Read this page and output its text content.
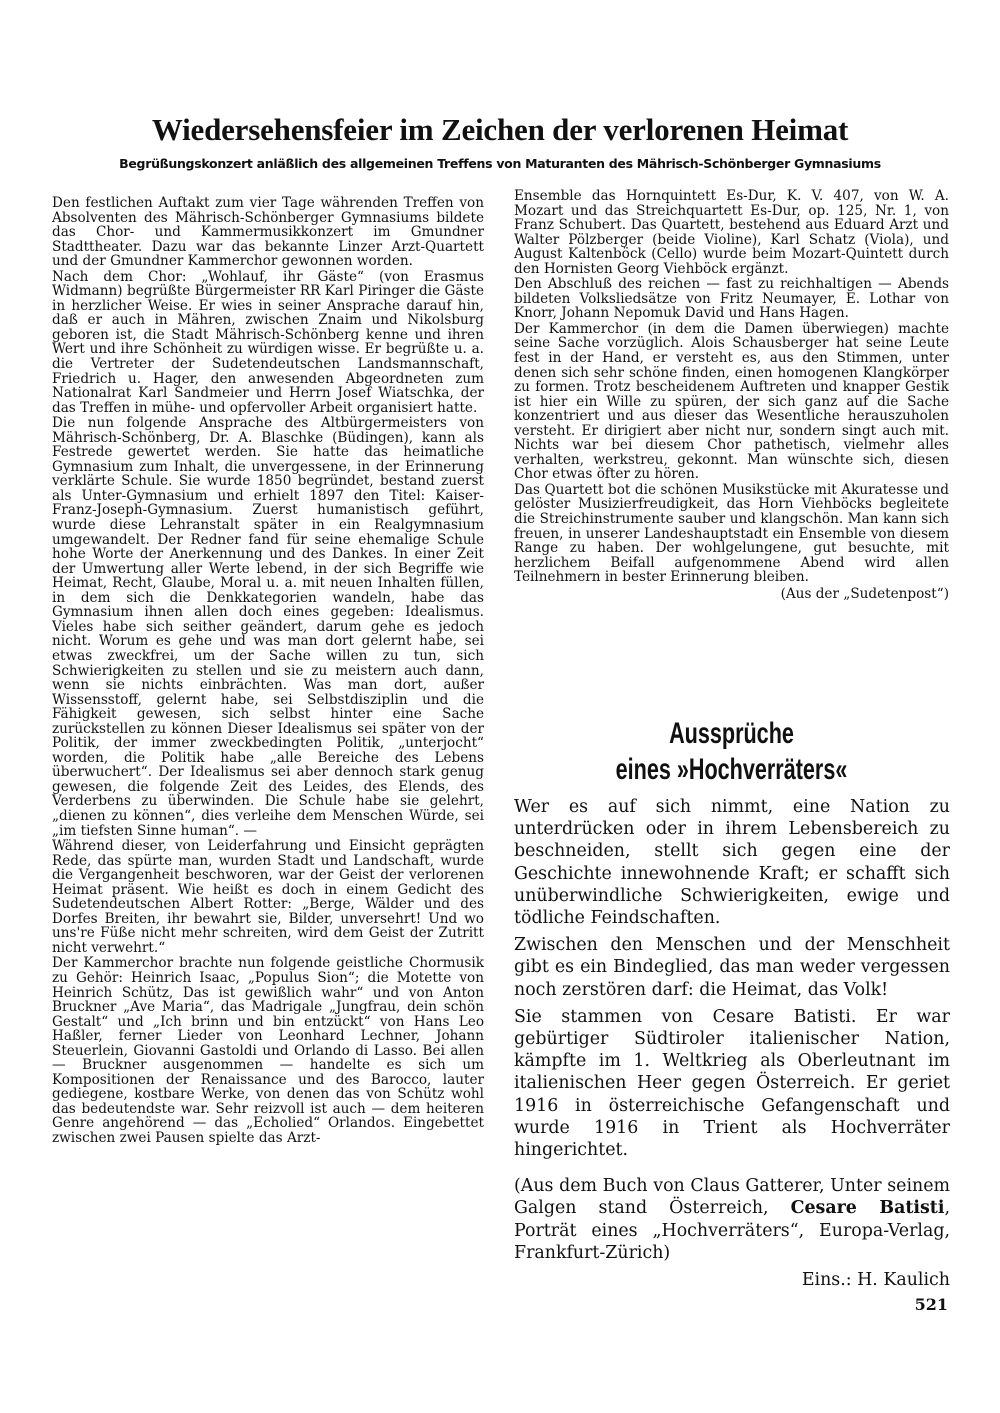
Wiedersehensfeier im Zeichen der verlorenen Heimat
Begrüßungskonzert anläßlich des allgemeinen Treffens von Maturanten des Mährisch-Schönberger Gymnasiums

Den festlichen Auftakt zum vier Tage währenden Treffen von Absolventen des Mährisch-Schönberger Gymnasiums bildete das Chor- und Kammermusikkonzert im Gmundner Stadttheater. Dazu war das bekannte Linzer Arzt-Quartett und der Gmundner Kammerchor gewonnen worden.

Nach dem Chor: „Wohlauf, ihr Gäste“ (von Erasmus Widmann) begrüßte Bürgermeister RR Karl Piringer die Gäste in herzlicher Weise. Er wies in seiner Ansprache darauf hin, daß er auch in Mähren, zwischen Znaim und Nikolsburg geboren ist, die Stadt Mährisch-Schönberg kenne und ihren Wert und ihre Schönheit zu würdigen wisse. Er begrüßte u. a. die Vertreter der Sudetendeutschen Landsmannschaft, Friedrich u. Hager, den anwesenden Abgeordneten zum Nationalrat Karl Sandmeier und Herrn Josef Wiatschka, der das Treffen in mühe- und opfervoller Arbeit organisiert hatte.

Die nun folgende Ansprache des Altbürgermeisters von Mährisch-Schönberg, Dr. A. Blaschke (Büdingen), kann als Festrede gewertet werden. Sie hatte das heimatliche Gymnasium zum Inhalt, die unvergessene, in der Erinnerung verklärte Schule. Sie wurde 1850 begründet, bestand zuerst als Unter-Gymnasium und erhielt 1897 den Titel: Kaiser-Franz-Joseph-Gymnasium. Zuerst humanistisch geführt, wurde diese Lehranstalt später in ein Realgymnasium umgewandelt. Der Redner fand für seine ehemalige Schule hohe Worte der Anerkennung und des Dankes. In einer Zeit der Umwertung aller Werte lebend, in der sich Begriffe wie Heimat, Recht, Glaube, Moral u. a. mit neuen Inhalten füllen, in dem sich die Denkkategorien wandeln, habe das Gymnasium ihnen allen doch eines gegeben: Idealismus. Vieles habe sich seither geändert, darum gehe es jedoch nicht. Worum es gehe und was man dort gelernt habe, sei etwas zweckfrei, um der Sache willen zu tun, sich Schwierigkeiten zu stellen und sie zu meistern auch dann, wenn sie nichts einbrächten. Was man dort, außer Wissensstoff, gelernt habe, sei Selbstdisziplin und die Fähigkeit gewesen, sich selbst hinter eine Sache zurückstellen zu können Dieser Idealismus sei später von der Politik, der immer zweckbedingten Politik, „unterjocht“ worden, die Politik habe „alle Bereiche des Lebens überwuchert“. Der Idealismus sei aber dennoch stark genug gewesen, die folgende Zeit des Leides, des Elends, des Verderbens zu überwinden. Die Schule habe sie gelehrt, „dienen zu können“, dies verleihe dem Menschen Würde, sei „im tiefsten Sinne human“. —

Während dieser, von Leiderfahrung und Einsicht geprägten Rede, das spürte man, wurden Stadt und Landschaft, wurde die Vergangenheit beschworen, war der Geist der verlorenen Heimat präsent. Wie heißt es doch in einem Gedicht des Sudetendeutschen Albert Rotter: „Berge, Wälder und des Dorfes Breiten, ihr bewahrt sie, Bilder, unversehrt! Und wo uns're Füße nicht mehr schreiten, wird dem Geist der Zutritt nicht verwehrt.“

Der Kammerchor brachte nun folgende geistliche Chormusik zu Gehör: Heinrich Isaac, „Populus Sion“; die Motette von Heinrich Schütz, Das ist gewißlich wahr“ und von Anton Bruckner „Ave Maria“, das Madrigale „Jungfrau, dein schön Gestalt“ und „Ich brinn und bin entzückt“ von Hans Leo Haßler, ferner Lieder von Leonhard Lechner, Johann Steuerlein, Giovanni Gastoldi und Orlando di Lasso. Bei allen — Bruckner ausgenommen — handelte es sich um Kompositionen der Renaissance und des Barocco, lauter gediegene, kostbare Werke, von denen das von Schütz wohl das bedeutendste war. Sehr reizvoll ist auch — dem heiteren Genre angehörend — das „Echolied“ Orlandos. Eingebettet zwischen zwei Pausen spielte das Arzt-

Ensemble das Hornquintett Es-Dur, K. V. 407, von W. A. Mozart und das Streichquartett Es-Dur, op. 125, Nr. 1, von Franz Schubert. Das Quartett, bestehend aus Eduard Arzt und Walter Pölzberger (beide Violine), Karl Schatz (Viola), und August Kaltenböck (Cello) wurde beim Mozart-Quintett durch den Hornisten Georg Viehböck ergänzt.

Den Abschluß des reichen — fast zu reichhaltigen — Abends bildeten Volksliedsätze von Fritz Neumayer, E. Lothar von Knorr, Johann Nepomuk David und Hans Hagen.

Der Kammerchor (in dem die Damen überwiegen) machte seine Sache vorzüglich. Alois Schausberger hat seine Leute fest in der Hand, er versteht es, aus den Stimmen, unter denen sich sehr schöne finden, einen homogenen Klangkörper zu formen. Trotz bescheidenem Auftreten und knapper Gestik ist hier ein Wille zu spüren, der sich ganz auf die Sache konzentriert und aus dieser das Wesentliche herauszuholen versteht. Er dirigiert aber nicht nur, sondern singt auch mit. Nichts war bei diesem Chor pathetisch, vielmehr alles verhalten, werkstreu, gekonnt. Man wünschte sich, diesen Chor etwas öfter zu hören.

Das Quartett bot die schönen Musikstücke mit Akuratesse und gelöster Musizierfreudigkeit, das Horn Viehböcks begleitete die Streichinstrumente sauber und klangschön. Man kann sich freuen, in unserer Landeshauptstadt ein Ensemble von diesem Range zu haben. Der wohlgelungene, gut besuchte, mit herzlichem Beifall aufgenommene Abend wird allen Teilnehmern in bester Erinnerung bleiben.

(Aus der „Sudetenpost“)
Aussprüche
eines »Hochverräters«

Wer es auf sich nimmt, eine Nation zu unterdrücken oder in ihrem Lebensbereich zu beschneiden, stellt sich gegen eine der Geschichte innewohnende Kraft; er schafft sich unüberwindliche Schwierigkeiten, ewige und tödliche Feindschaften.

Zwischen den Menschen und der Menschheit gibt es ein Bindeglied, das man weder vergessen noch zerstören darf: die Heimat, das Volk!

Sie stammen von Cesare Batisti. Er war gebürtiger Südtiroler italienischer Nation, kämpfte im 1. Weltkrieg als Oberleutnant im italienischen Heer gegen Österreich. Er geriet 1916 in österreichische Gefangenschaft und wurde 1916 in Trient als Hochverräter hingerichtet.

(Aus dem Buch von Claus Gatterer, Unter seinem Galgen stand Österreich, Cesare Batisti, Porträt eines „Hochverräters“, Europa-Verlag, Frankfurt-Zürich)

Eins.: H. Kaulich
521
